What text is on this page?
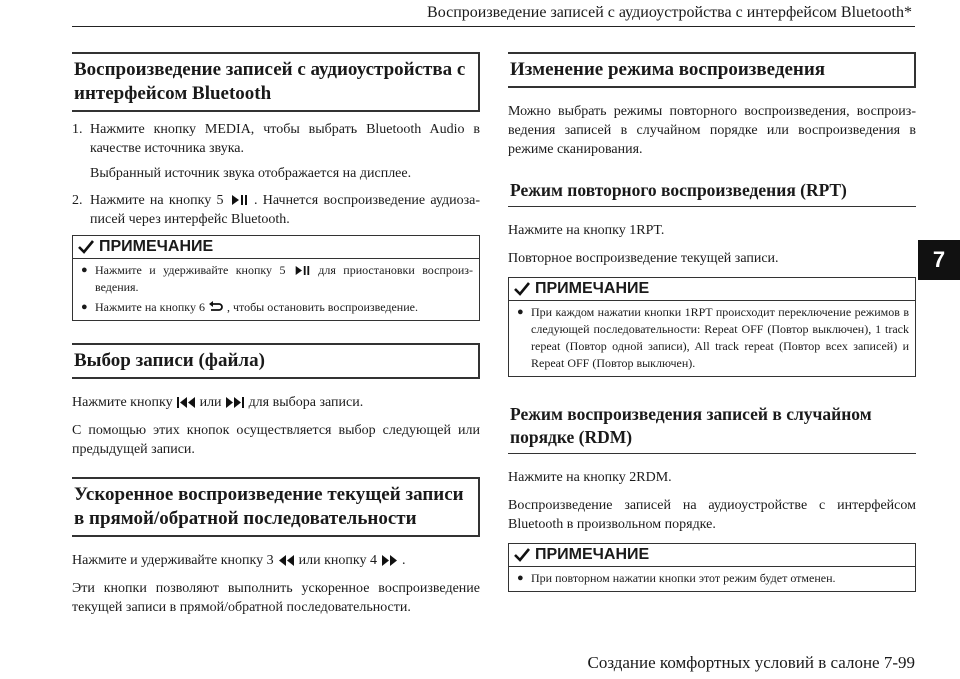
Воспроизведение записей с аудиоустройства с интерфейсом Bluetooth*
7
Создание комфортных условий в салоне 7-99
Воспроизведение записей с аудиоустройства с интерфейсом Bluetooth
1. Нажмите кнопку MEDIA, чтобы выбрать Bluetooth Audio в качестве источника звука.

Выбранный источник звука отображается на дисплее.

2. Нажмите на кнопку 5 . Начнется воспроизведение аудиоза-писей через интерфейс Bluetooth.
ПРИМЕЧАНИЕ
● Нажмите и удерживайте кнопку 5	для приостановки воспроиз-ведения.
● Нажмите на кнопку 6 , чтобы остановить воспроизведение.
Выбор записи (файла)

Нажмите кнопку или для выбора записи.

С помощью этих кнопок осуществляется выбор следующей или предыдущей записи.

Ускоренное воспроизведение текущей записи в прямой/обратной последовательности

Нажмите и удерживайте кнопку 3 или кнопку 4 .

Эти кнопки позволяют выполнить ускоренное воспроизведение текущей записи в прямой/обратной последовательности.

Изменение режима воспроизведения

Можно выбрать режимы повторного воспроизведения, воспроиз-ведения записей в случайном порядке или воспроизведения в режиме сканирования.

Режим повторного воспроизведения (RPT)

Нажмите на кнопку 1RPT.

Повторное воспроизведение текущей записи.

ПРИМЕЧАНИЕ
● При каждом нажатии кнопки 1RPT происходит переключение режимов в следующей последовательности: Repeat OFF (Повтор выключен), 1 track repeat (Повтор одной записи), All track repeat (Повтор всех записей) и Repeat OFF (Повтор выключен).
Режим воспроизведения записей в случайном порядке (RDM)

Нажмите на кнопку 2RDM.

Воспроизведение записей на аудиоустройстве с интерфейсом Bluetooth в произвольном порядке.

ПРИМЕЧАНИЕ
● При повторном нажатии кнопки этот режим будет отменен.
